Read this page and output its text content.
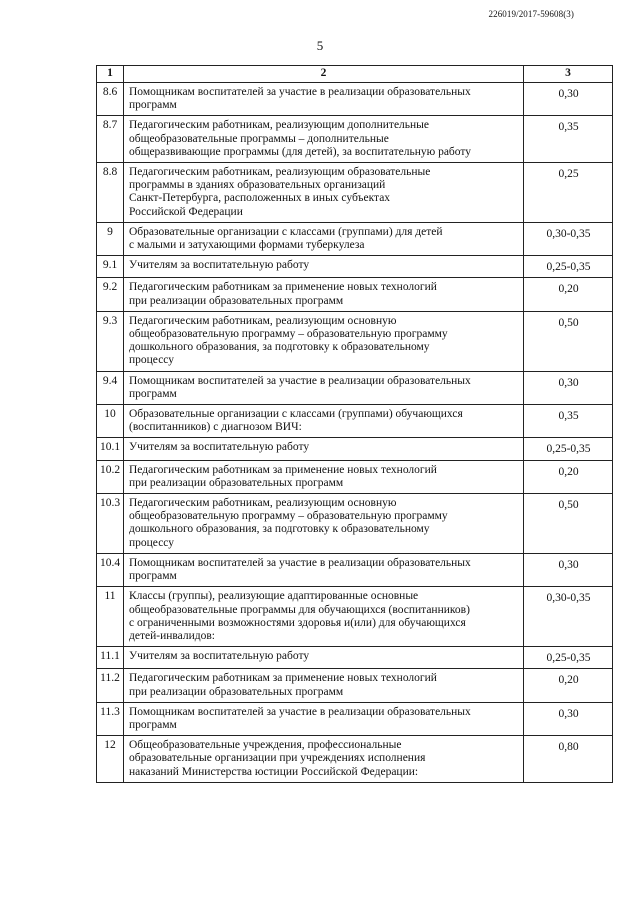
226019/2017-59608(3)
5
1	2	3
8.6	Помощникам воспитателей за участие в реализации образовательных
программ	0,30
8.7	Педагогическим работникам, реализующим дополнительные
общеобразовательные программы – дополнительные
общеразвивающие программы (для детей), за воспитательную работу	0,35
8.8	Педагогическим работникам, реализующим образовательные
программы в зданиях образовательных организаций
Санкт-Петербурга, расположенных в иных субъектах
Российской Федерации	0,25
9	Образовательные организации с классами (группами) для детей
с малыми и затухающими формами туберкулеза	0,30-0,35
9.1	Учителям за воспитательную работу	0,25-0,35
9.2	Педагогическим работникам за применение новых технологий
при реализации образовательных программ	0,20
9.3	Педагогическим работникам, реализующим основную
общеобразовательную программу – образовательную программу
дошкольного образования, за подготовку к образовательному
процессу	0,50
9.4	Помощникам воспитателей за участие в реализации образовательных
программ	0,30
10	Образовательные организации с классами (группами) обучающихся
(воспитанников) с диагнозом ВИЧ:	0,35
10.1	Учителям за воспитательную работу	0,25-0,35
10.2	Педагогическим работникам за применение новых технологий
при реализации образовательных программ	0,20
10.3	Педагогическим работникам, реализующим основную
общеобразовательную программу – образовательную программу
дошкольного образования, за подготовку к образовательному
процессу	0,50
10.4	Помощникам воспитателей за участие в реализации образовательных
программ	0,30
11	Классы (группы), реализующие адаптированные основные
общеобразовательные программы для обучающихся (воспитанников)
с ограниченными возможностями здоровья и(или) для обучающихся
детей-инвалидов:	0,30-0,35
11.1	Учителям за воспитательную работу	0,25-0,35
11.2	Педагогическим работникам за применение новых технологий
при реализации образовательных программ	0,20
11.3	Помощникам воспитателей за участие в реализации образовательных
программ	0,30
12	Общеобразовательные учреждения, профессиональные
образовательные организации при учреждениях исполнения
наказаний Министерства юстиции Российской Федерации:	0,80
